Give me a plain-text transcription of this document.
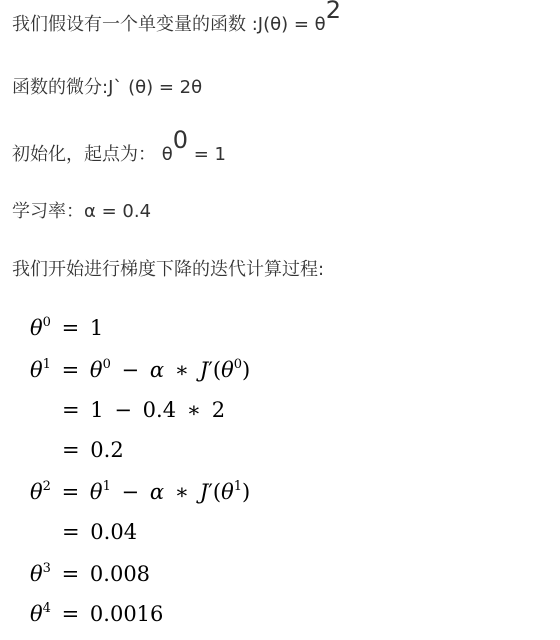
我们假设有一个单变量的函数 :J(θ) = $\theta^2$
函数的微分:J` (θ) = 2θ
初始化，起点为： $\theta^0 = 1$
学习率：α = 0.4
我们开始进行梯度下降的迭代计算过程:
$\theta^0 = 1$
$\theta^1 = \theta^0 - \alpha$ ∗ $J'(\theta^0)$
= 1 − 0.4 ∗ 2
= 0.2
$\theta^2 = \theta^1 - \alpha$ ∗ $J'(\theta^1)$
= 0.04
$\theta^3 = 0.008$
$\theta^4 = 0.0016$
